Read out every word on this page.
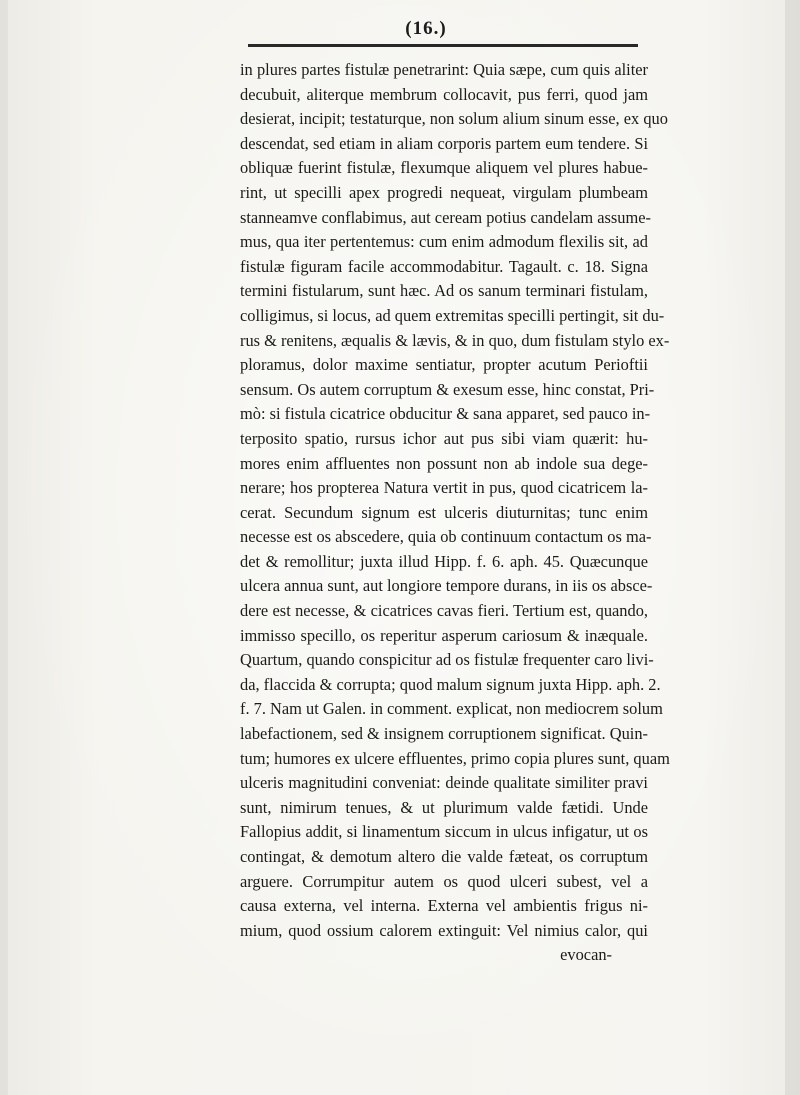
(16.)
in plures partes fistulæ penetrarint: Quia sæpe, cum quis aliter
decubuit, aliterque membrum collocavit, pus ferri, quod jam
desierat, incipit; testaturque, non solum alium sinum esse, ex quo
descendat, sed etiam in aliam corporis partem eum tendere. Si
obliquæ fuerint fistulæ, flexumque aliquem vel plures habue-
rint, ut specilli apex progredi nequeat, virgulam plumbeam
stanneamve conflabimus, aut ceream potius candelam assume-
mus, qua iter pertentemus: cum enim admodum flexilis sit, ad
fistulæ figuram facile accommodabitur. Tagault. c. 18. Signa
termini fistularum, sunt hæc. Ad os sanum terminari fistulam,
colligimus, si locus, ad quem extremitas specilli pertingit, sit du-
rus & renitens, æqualis & lævis, & in quo, dum fistulam stylo ex-
ploramus, dolor maxime sentiatur, propter acutum Perioftii
sensum. Os autem corruptum & exesum esse, hinc constat, Pri-
mò: si fistula cicatrice obducitur & sana apparet, sed pauco in-
terposito spatio, rursus ichor aut pus sibi viam quærit: hu-
mores enim affluentes non possunt non ab indole sua dege-
nerare; hos propterea Natura vertit in pus, quod cicatricem la-
cerat. Secundum signum est ulceris diuturnitas; tunc enim
necesse est os abscedere, quia ob continuum contactum os ma-
det & remollitur; juxta illud Hipp. f. 6. aph. 45. Quæcunque
ulcera annua sunt, aut longiore tempore durans, in iis os absce-
dere est necesse, & cicatrices cavas fieri. Tertium est, quando,
immisso specillo, os reperitur asperum cariosum & inæquale.
Quartum, quando conspicitur ad os fistulæ frequenter caro livi-
da, flaccida & corrupta; quod malum signum juxta Hipp. aph. 2.
f. 7. Nam ut Galen. in comment. explicat, non mediocrem solum
labefactionem, sed & insignem corruptionem significat. Quin-
tum; humores ex ulcere effluentes, primo copia plures sunt, quam
ulceris magnitudini conveniat: deinde qualitate similiter pravi
sunt, nimirum tenues, & ut plurimum valde fætidi. Unde
Fallopius addit, si linamentum siccum in ulcus infigatur, ut os
contingat, & demotum altero die valde fæteat, os corruptum
arguere. Corrumpitur autem os quod ulceri subest, vel a
causa externa, vel interna. Externa vel ambientis frigus ni-
mium, quod ossium calorem extinguit: Vel nimius calor, qui
evocan-
